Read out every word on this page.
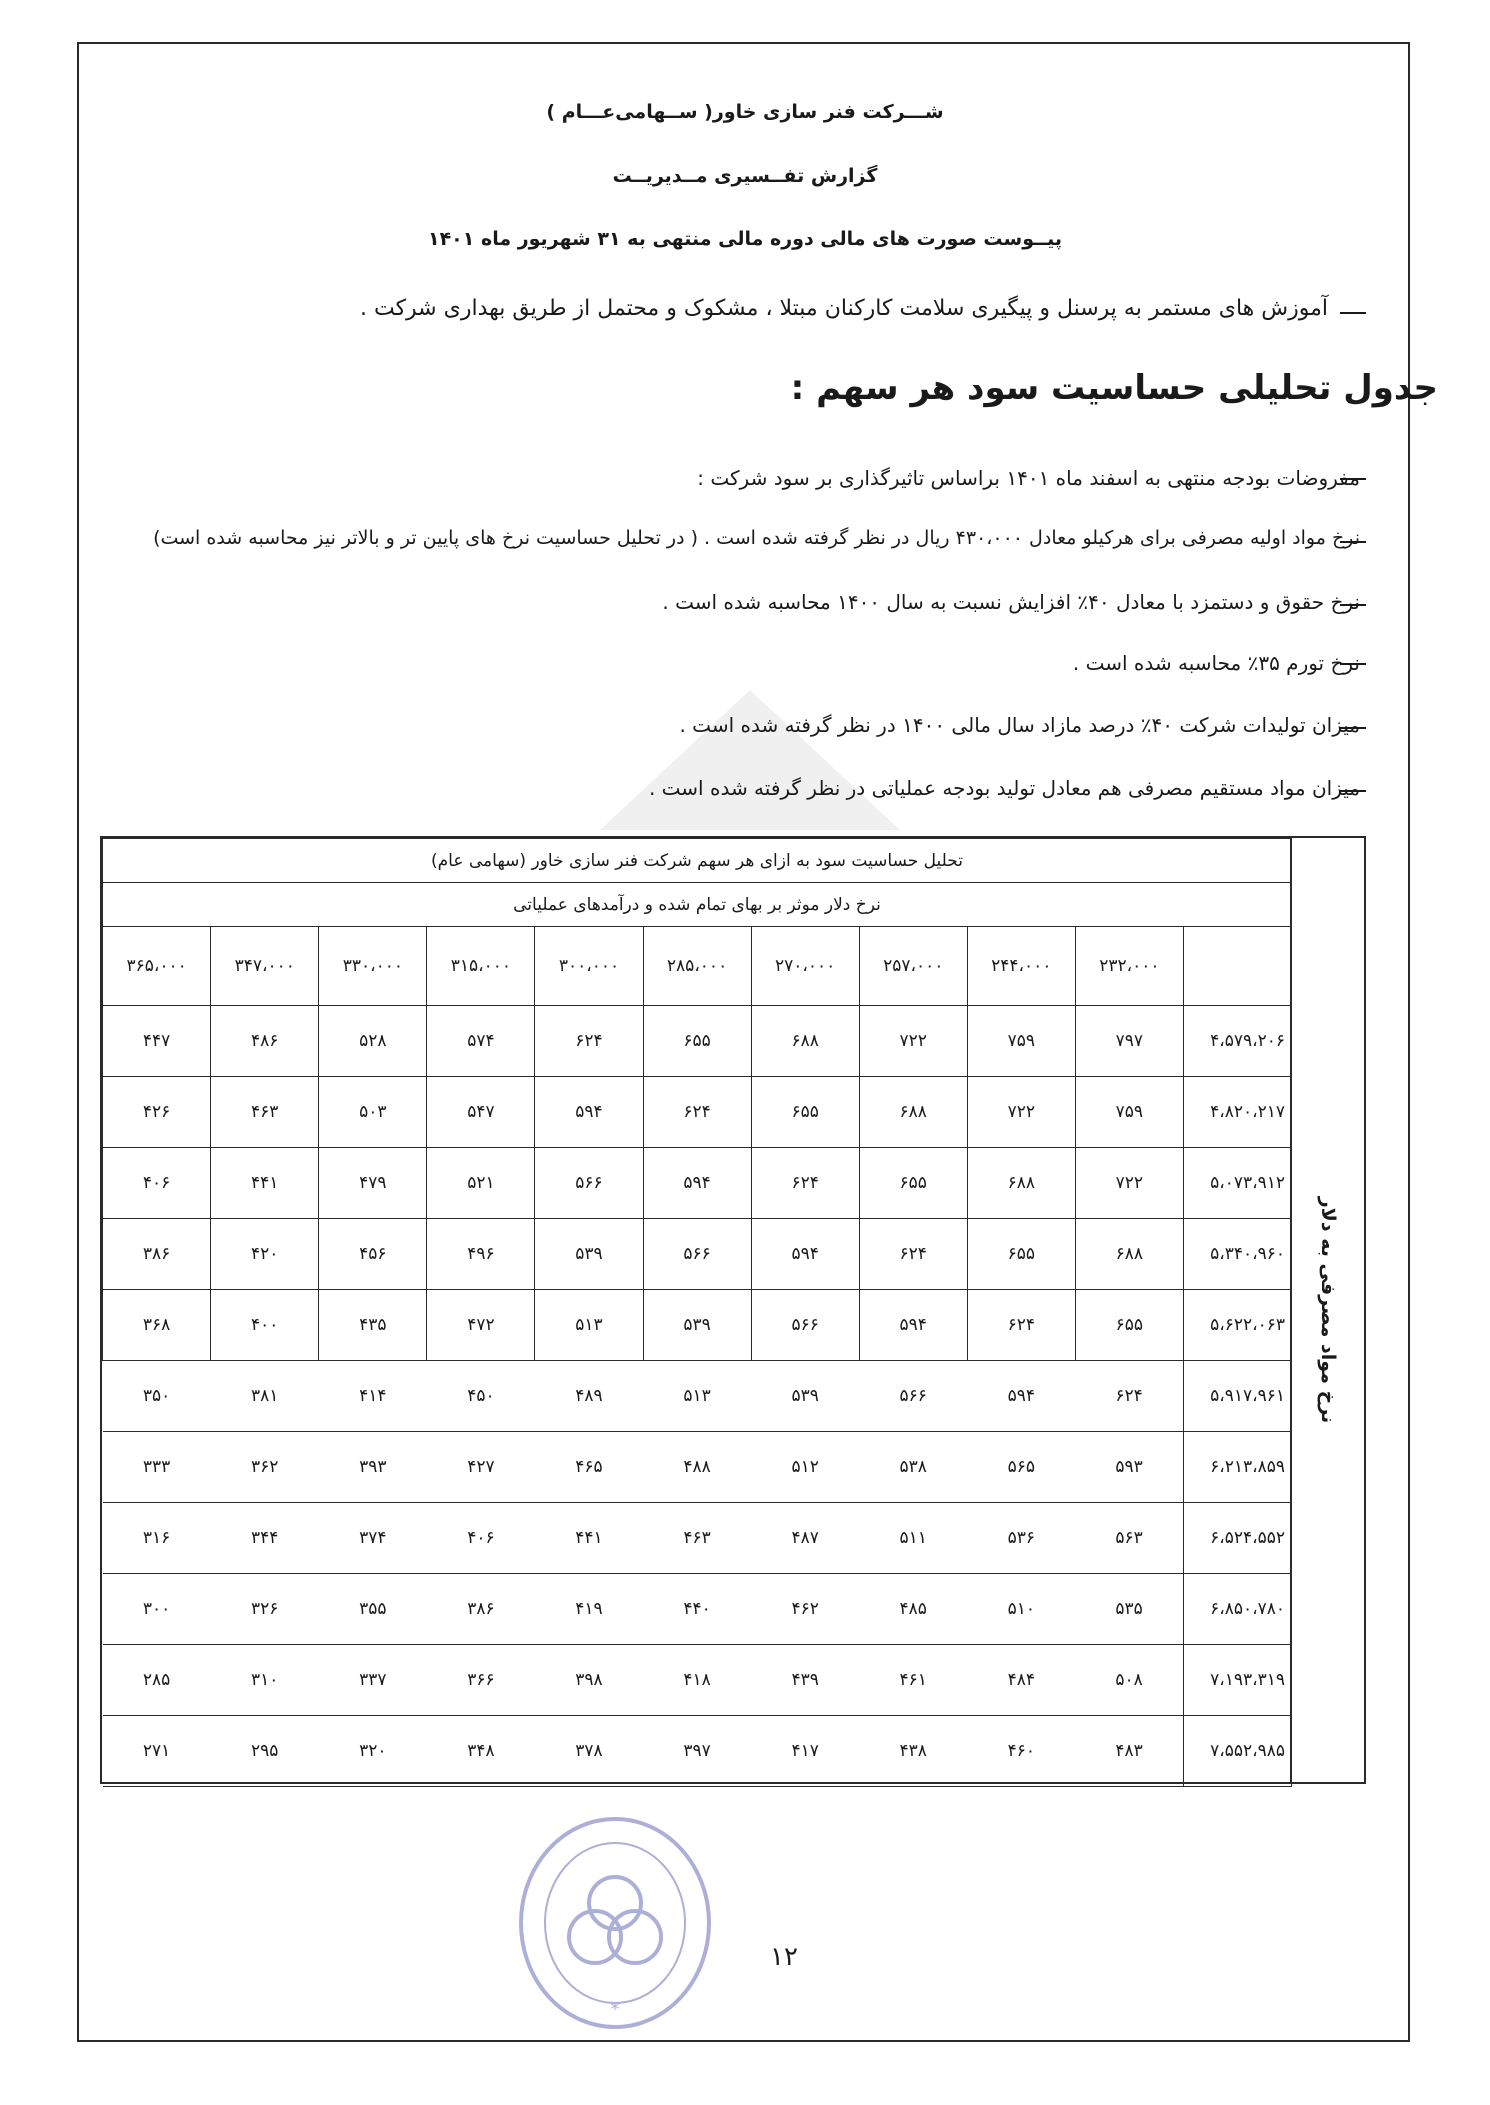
شـــرکت فنر سازی خاور( ســهامی‌عـــام )
گزارش تفــسیری مــدیریــت
پیــوست صورت های مالی دوره مالی منتهی به ۳۱ شهریور ماه ۱۴۰۱
آموزش های مستمر به پرسنل و پیگیری سلامت کارکنان مبتلا ، مشکوک و محتمل از طریق بهداری شرکت .
جدول تحلیلی حساسیت سود هر سهم :
مفروضات بودجه منتهی به اسفند ماه ۱۴۰۱ براساس تاثیرگذاری بر سود شرکت :
نرخ مواد اولیه مصرفی برای هرکیلو معادل ۴۳۰،۰۰۰ ریال در نظر گرفته شده است . ( در تحلیل حساسیت نرخ های پایین تر و بالاتر نیز محاسبه شده است)
نرخ حقوق و دستمزد با معادل ۴۰٪ افزایش نسبت به سال ۱۴۰۰ محاسبه شده است .
نرخ تورم ۳۵٪ محاسبه شده است .
میزان تولیدات شرکت ۴۰٪ درصد مازاد سال مالی ۱۴۰۰ در نظر گرفته شده است .
میزان مواد مستقیم مصرفی هم معادل تولید بودجه عملیاتی در نظر گرفته شده است .
نرخ مواد مصرفی به دلار
تحلیل حساسیت سود به ازای هر سهم شرکت فنر سازی خاور (سهامی عام)										
نرخ دلار موثر بر بهای تمام شده و درآمدهای عملیاتی										
	۲۳۲،۰۰۰	۲۴۴،۰۰۰	۲۵۷،۰۰۰	۲۷۰،۰۰۰	۲۸۵،۰۰۰	۳۰۰،۰۰۰	۳۱۵،۰۰۰	۳۳۰،۰۰۰	۳۴۷،۰۰۰	۳۶۵،۰۰۰
۴،۵۷۹،۲۰۶	۷۹۷	۷۵۹	۷۲۲	۶۸۸	۶۵۵	۶۲۴	۵۷۴	۵۲۸	۴۸۶	۴۴۷
۴،۸۲۰،۲۱۷	۷۵۹	۷۲۲	۶۸۸	۶۵۵	۶۲۴	۵۹۴	۵۴۷	۵۰۳	۴۶۳	۴۲۶
۵،۰۷۳،۹۱۲	۷۲۲	۶۸۸	۶۵۵	۶۲۴	۵۹۴	۵۶۶	۵۲۱	۴۷۹	۴۴۱	۴۰۶
۵،۳۴۰،۹۶۰	۶۸۸	۶۵۵	۶۲۴	۵۹۴	۵۶۶	۵۳۹	۴۹۶	۴۵۶	۴۲۰	۳۸۶
۵،۶۲۲،۰۶۳	۶۵۵	۶۲۴	۵۹۴	۵۶۶	۵۳۹	۵۱۳	۴۷۲	۴۳۵	۴۰۰	۳۶۸
۵،۹۱۷،۹۶۱	۶۲۴	۵۹۴	۵۶۶	۵۳۹	۵۱۳	۴۸۹	۴۵۰	۴۱۴	۳۸۱	۳۵۰
۶،۲۱۳،۸۵۹	۵۹۳	۵۶۵	۵۳۸	۵۱۲	۴۸۸	۴۶۵	۴۲۷	۳۹۳	۳۶۲	۳۳۳
۶،۵۲۴،۵۵۲	۵۶۳	۵۳۶	۵۱۱	۴۸۷	۴۶۳	۴۴۱	۴۰۶	۳۷۴	۳۴۴	۳۱۶
۶،۸۵۰،۷۸۰	۵۳۵	۵۱۰	۴۸۵	۴۶۲	۴۴۰	۴۱۹	۳۸۶	۳۵۵	۳۲۶	۳۰۰
۷،۱۹۳،۳۱۹	۵۰۸	۴۸۴	۴۶۱	۴۳۹	۴۱۸	۳۹۸	۳۶۶	۳۳۷	۳۱۰	۲۸۵
۷،۵۵۲،۹۸۵	۴۸۳	۴۶۰	۴۳۸	۴۱۷	۳۹۷	۳۷۸	۳۴۸	۳۲۰	۲۹۵	۲۷۱
*
۱۲
